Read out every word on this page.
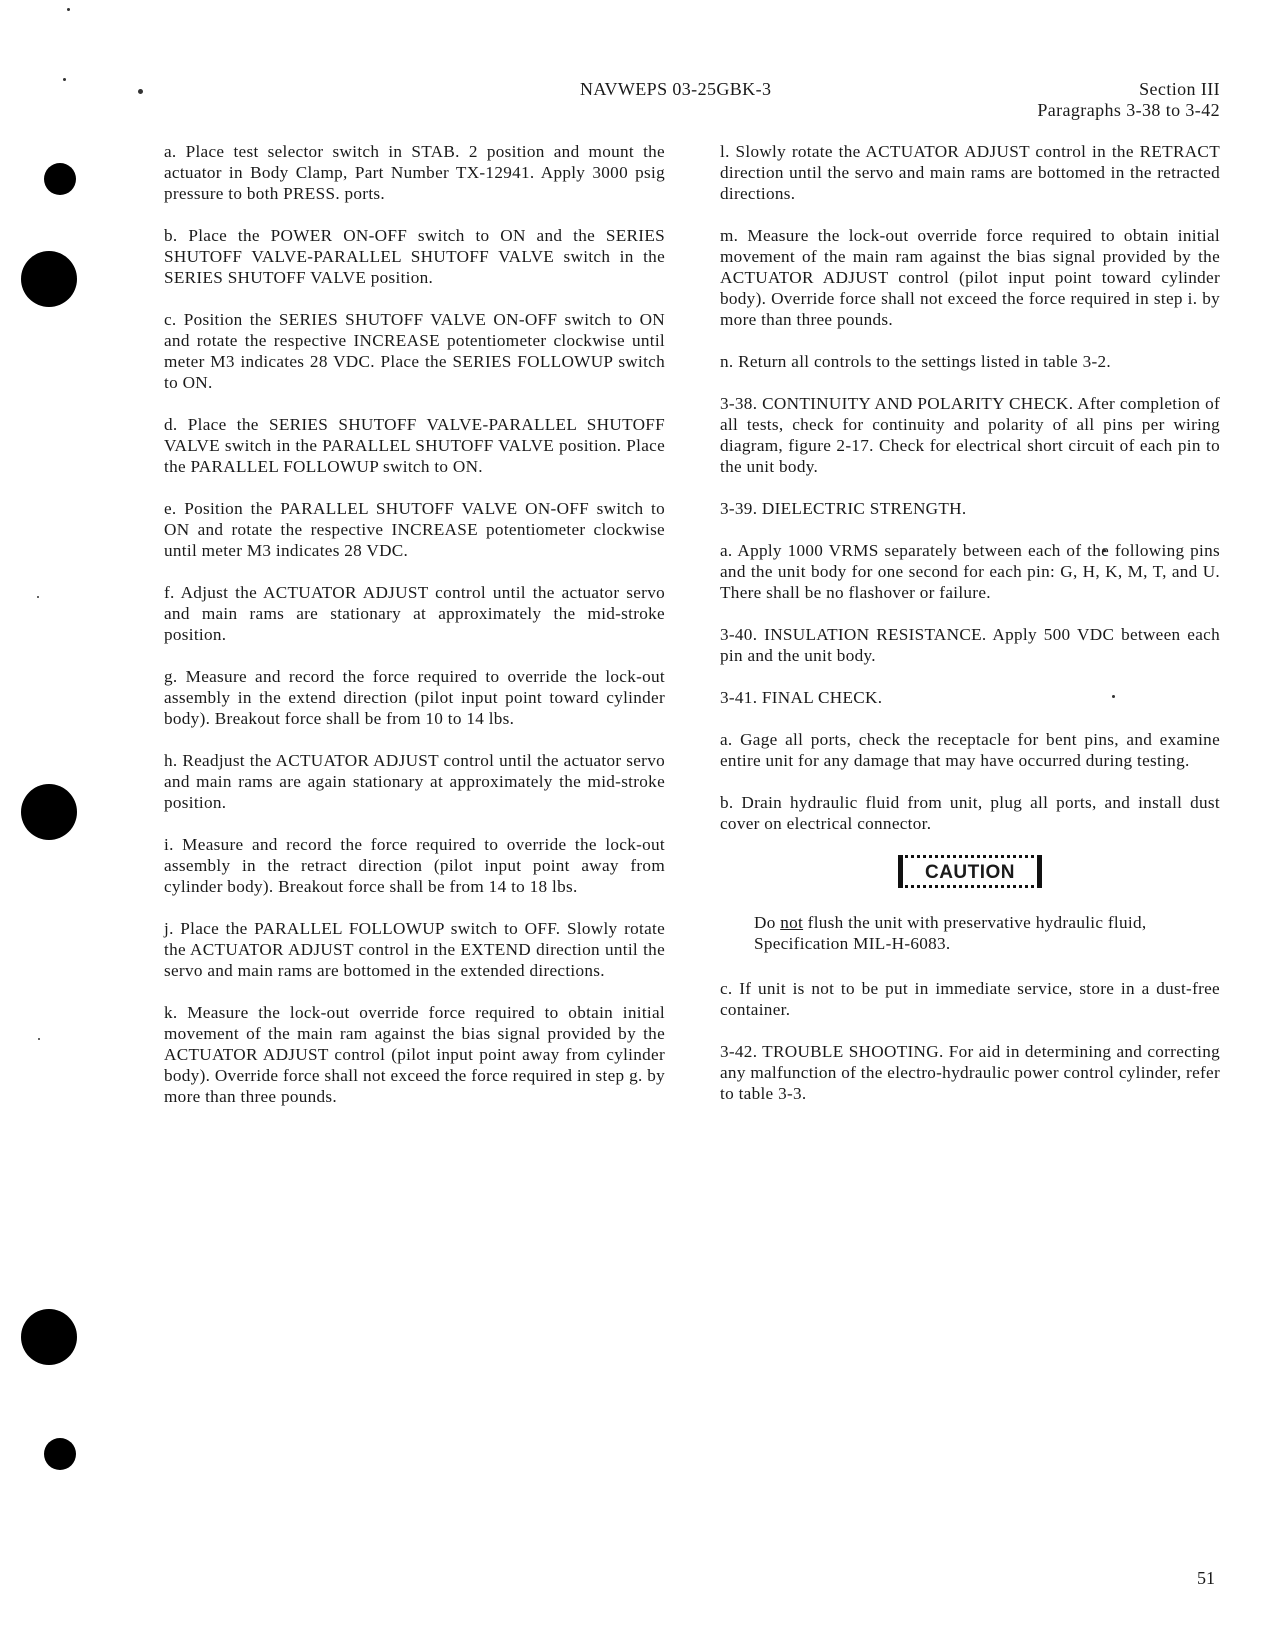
NAVWEPS 03-25GBK-3	Section III
Paragraphs 3-38 to 3-42

a. Place test selector switch in STAB. 2 position and mount the actuator in Body Clamp, Part Number TX-12941. Apply 3000 psig pressure to both PRESS. ports.

b. Place the POWER ON-OFF switch to ON and the SERIES SHUTOFF VALVE-PARALLEL SHUTOFF VALVE switch in the SERIES SHUTOFF VALVE position.

c. Position the SERIES SHUTOFF VALVE ON-OFF switch to ON and rotate the respective INCREASE potentiometer clockwise until meter M3 indicates 28 VDC. Place the SERIES FOLLOWUP switch to ON.

d. Place the SERIES SHUTOFF VALVE-PARALLEL SHUTOFF VALVE switch in the PARALLEL SHUTOFF VALVE position. Place the PARALLEL FOLLOWUP switch to ON.

e. Position the PARALLEL SHUTOFF VALVE ON-OFF switch to ON and rotate the respective INCREASE potentiometer clockwise until meter M3 indicates 28 VDC.

f. Adjust the ACTUATOR ADJUST control until the actuator servo and main rams are stationary at approximately the mid-stroke position.

g. Measure and record the force required to override the lock-out assembly in the extend direction (pilot input point toward cylinder body). Breakout force shall be from 10 to 14 lbs.

h. Readjust the ACTUATOR ADJUST control until the actuator servo and main rams are again stationary at approximately the mid-stroke position.

i. Measure and record the force required to override the lock-out assembly in the retract direction (pilot input point away from cylinder body). Breakout force shall be from 14 to 18 lbs.

j. Place the PARALLEL FOLLOWUP switch to OFF. Slowly rotate the ACTUATOR ADJUST control in the EXTEND direction until the servo and main rams are bottomed in the extended directions.

k. Measure the lock-out override force required to obtain initial movement of the main ram against the bias signal provided by the ACTUATOR ADJUST control (pilot input point away from cylinder body). Override force shall not exceed the force required in step g. by more than three pounds.

l. Slowly rotate the ACTUATOR ADJUST control in the RETRACT direction until the servo and main rams are bottomed in the retracted directions.

m. Measure the lock-out override force required to obtain initial movement of the main ram against the bias signal provided by the ACTUATOR ADJUST control (pilot input point toward cylinder body). Override force shall not exceed the force required in step i. by more than three pounds.

n. Return all controls to the settings listed in table 3-2.

3-38. CONTINUITY AND POLARITY CHECK. After completion of all tests, check for continuity and polarity of all pins per wiring diagram, figure 2-17. Check for electrical short circuit of each pin to the unit body.

3-39. DIELECTRIC STRENGTH.

a. Apply 1000 VRMS separately between each of the following pins and the unit body for one second for each pin: G, H, K, M, T, and U. There shall be no flashover or failure.

3-40. INSULATION RESISTANCE. Apply 500 VDC between each pin and the unit body.

3-41. FINAL CHECK.

a. Gage all ports, check the receptacle for bent pins, and examine entire unit for any damage that may have occurred during testing.

b. Drain hydraulic fluid from unit, plug all ports, and install dust cover on electrical connector.

CAUTION

Do not flush the unit with preservative hydraulic fluid, Specification MIL-H-6083.

c. If unit is not to be put in immediate service, store in a dust-free container.

3-42. TROUBLE SHOOTING. For aid in determining and correcting any malfunction of the electro-hydraulic power control cylinder, refer to table 3-3.

51
